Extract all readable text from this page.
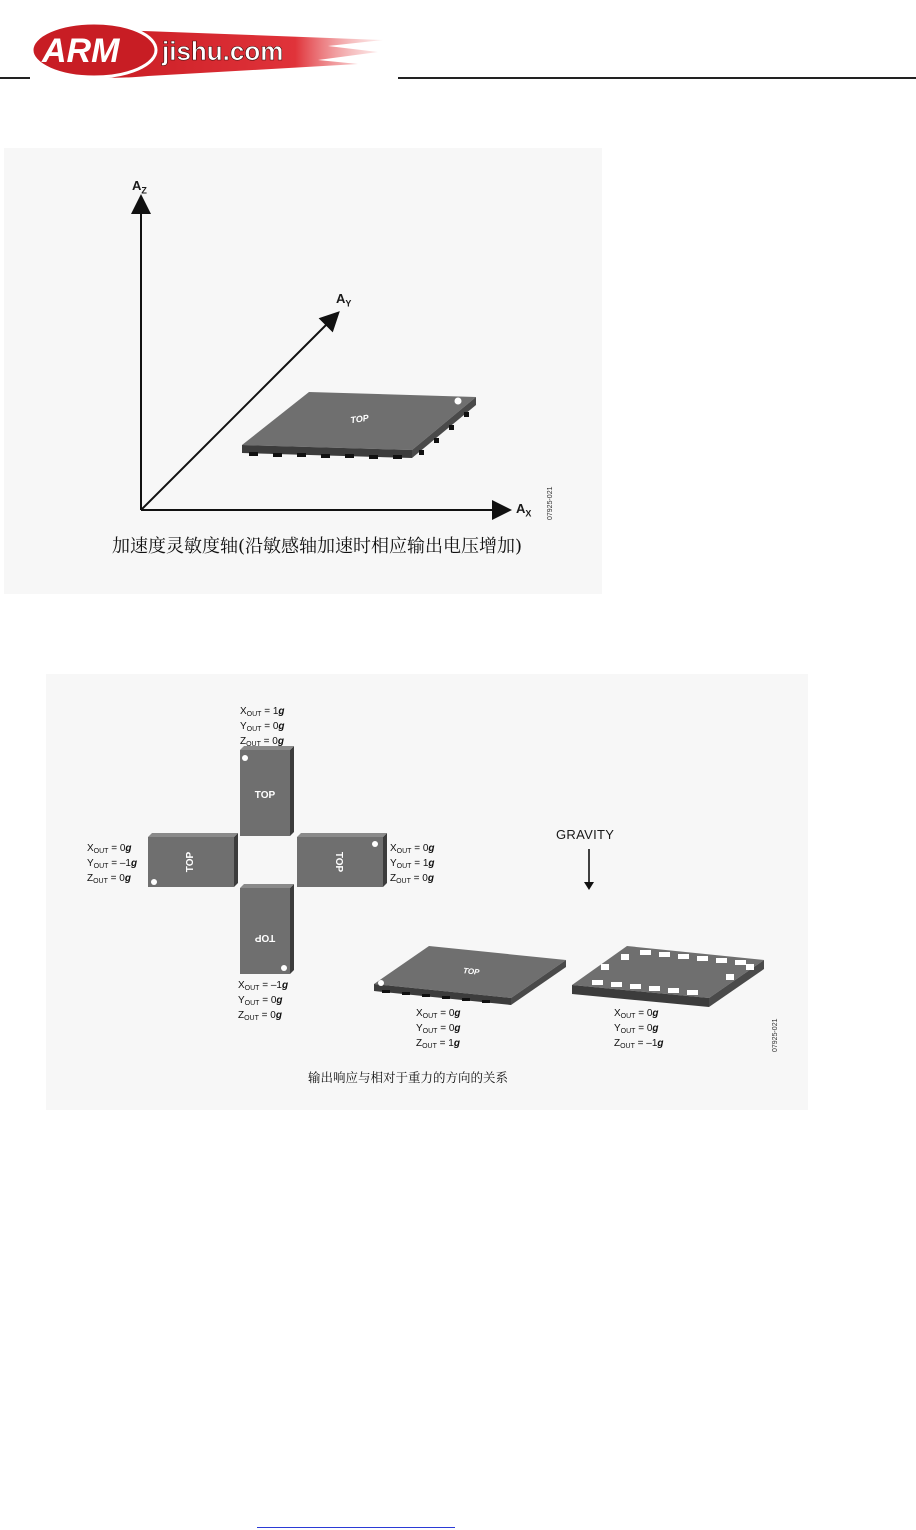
ARM jishu.com
TOP
$A_Z$
$A_Y$
$A_X$ 07925-021
加速度灵敏度轴(沿敏感轴加速时相应输出电压增加)
TOP
TOP	TOP
TOP
TOP
$X_{OUT} = 1g$
$Y_{OUT} = 0g$
$Z_{OUT} = 0g$
$X_{OUT} = 0g$
$Y_{OUT} = -1g$
$Z_{OUT} = 0g$
$X_{OUT} = 0g$
$Y_{OUT} = 1g$
$Z_{OUT} = 0g$
$X_{OUT} = -1g$
$Y_{OUT} = 0g$
$Z_{OUT} = 0g$	$X_{OUT} = 0g$
$Y_{OUT} = 0g$
$Z_{OUT} = 1g$
$X_{OUT} = 0g$
$Y_{OUT} = 0g$
$Z_{OUT} = -1g$
GRAVITY
07925-021
输出响应与相对于重力的方向的关系
